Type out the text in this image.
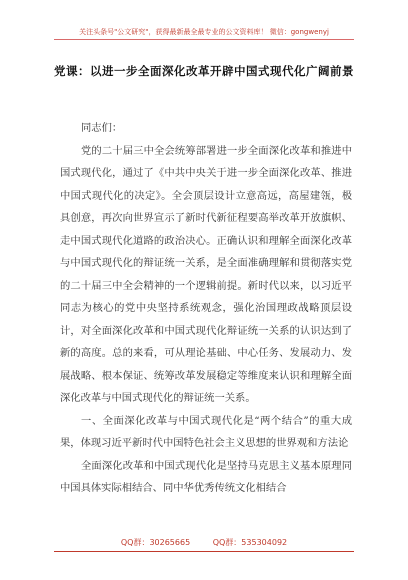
关注头条号"公文研究"，获得最新最全最专业的公文资料库！ 微信：gongwenyj
党课：以进一步全面深化改革开辟中国式现代化广阔前景

同志们：

党的二十届三中全会统筹部署进一步全面深化改革和推进中国式现代化，通过了《中共中央关于进一步全面深化改革、推进中国式现代化的决定》。全会顶层设计立意高远，高屋建瓴，极具创意，再次向世界宣示了新时代新征程要高举改革开放旗帜、走中国式现代化道路的政治决心。正确认识和理解全面深化改革与中国式现代化的辩证统一关系，是全面准确理解和贯彻落实党的二十届三中全会精神的一个逻辑前提。新时代以来，以习近平同志为核心的党中央坚持系统观念，强化治国理政战略顶层设计，对全面深化改革和中国式现代化辩证统一关系的认识达到了新的高度。总的来看，可从理论基础、中心任务、发展动力、发展战略、根本保证、统筹改革发展稳定等维度来认识和理解全面深化改革与中国式现代化的辩证统一关系。

一、全面深化改革与中国式现代化是“两个结合”的重大成果，体现习近平新时代中国特色社会主义思想的世界观和方法论

全面深化改革和中国式现代化是坚持马克思主义基本原理同中国具体实际相结合、同中华优秀传统文化相结合

QQ群：30265665	QQ群：535304092
